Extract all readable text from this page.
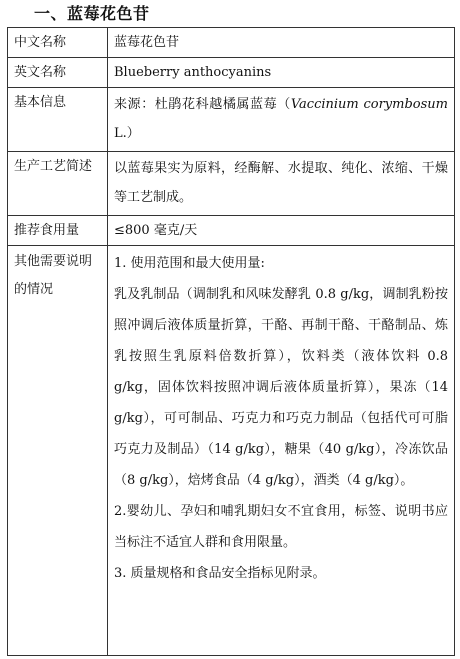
一、蓝莓花色苷
中文名称	蓝莓花色苷
英文名称	Blueberry anthocyanins
基本信息	来源：杜鹃花科越橘属蓝莓（Vaccinium corymbosum L.）

生产工艺简述	以蓝莓果实为原料，经酶解、水提取、纯化、浓缩、干燥等工艺制成。

推荐食用量	≤800 毫克/天
其他需要说明的情况	1. 使用范围和最大使用量:

乳及乳制品（调制乳和风味发酵乳 0.8 g/kg，调制乳粉按照冲调后液体质量折算，干酪、再制干酪、干酪制品、炼乳按照生乳原料倍数折算），饮料类（液体饮料 0.8 g/kg，固体饮料按照冲调后液体质量折算），果冻（14 g/kg），可可制品、巧克力和巧克力制品（包括代可可脂巧克力及制品）（14 g/kg），糖果（40 g/kg），冷冻饮品（8 g/kg），焙烤食品（4 g/kg），酒类（4 g/kg）。

2.婴幼儿、孕妇和哺乳期妇女不宜食用，标签、说明书应当标注不适宜人群和食用限量。

3. 质量规格和食品安全指标见附录。
